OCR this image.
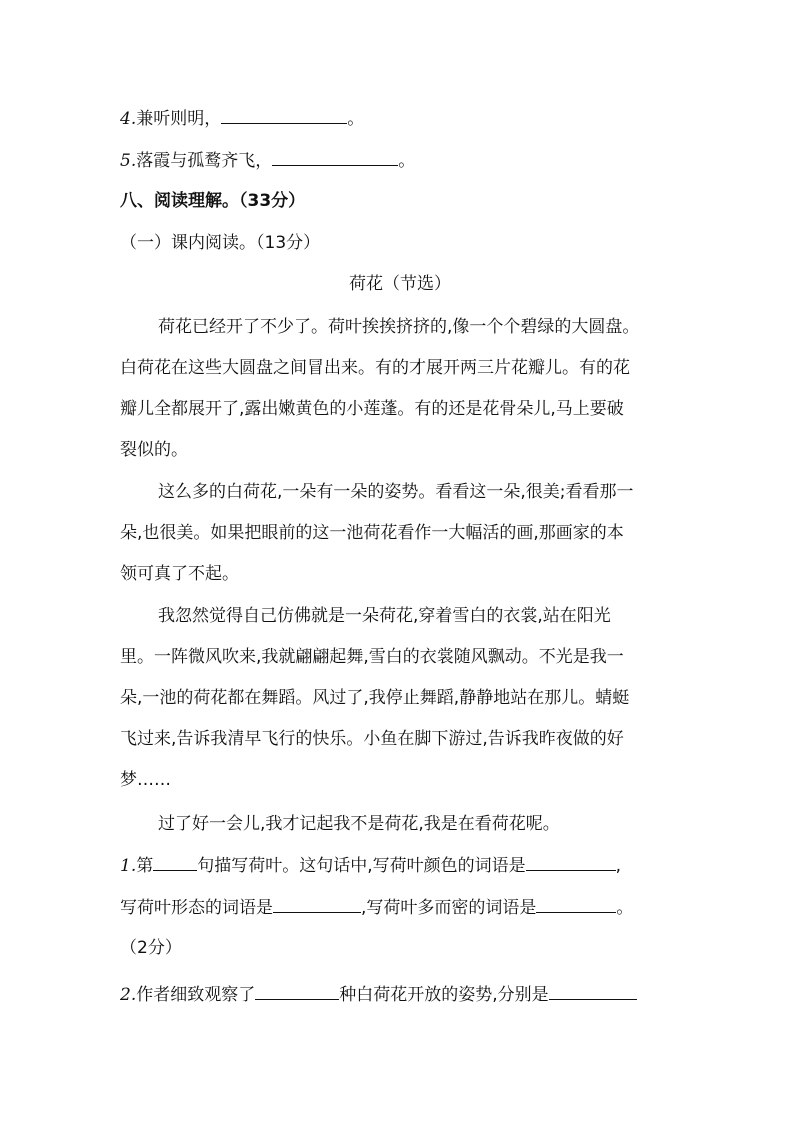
4.兼听则明，	。
5.落霞与孤鹜齐飞，	。
八、阅读理解。（33分）
（一）课内阅读。（13分）
荷花（节选）
荷花已经开了不少了。荷叶挨挨挤挤的,像一个个碧绿的大圆盘。
白荷花在这些大圆盘之间冒出来。有的才展开两三片花瓣儿。有的花
瓣儿全都展开了,露出嫩黄色的小莲蓬。有的还是花骨朵儿,马上要破
裂似的。
这么多的白荷花,一朵有一朵的姿势。看看这一朵,很美;看看那一
朵,也很美。如果把眼前的这一池荷花看作一大幅活的画,那画家的本
领可真了不起。
我忽然觉得自己仿佛就是一朵荷花,穿着雪白的衣裳,站在阳光
里。一阵微风吹来,我就翩翩起舞,雪白的衣裳随风飘动。不光是我一
朵,一池的荷花都在舞蹈。风过了,我停止舞蹈,静静地站在那儿。蜻蜓
飞过来,告诉我清早飞行的快乐。小鱼在脚下游过,告诉我昨夜做的好
梦……
过了好一会儿,我才记起我不是荷花,我是在看荷花呢。
1.第	句描写荷叶。这句话中,写荷叶颜色的词语是	,
写荷叶形态的词语是	,写荷叶多而密的词语是	。
（2分）
2.作者细致观察了	种白荷花开放的姿势,分别是
